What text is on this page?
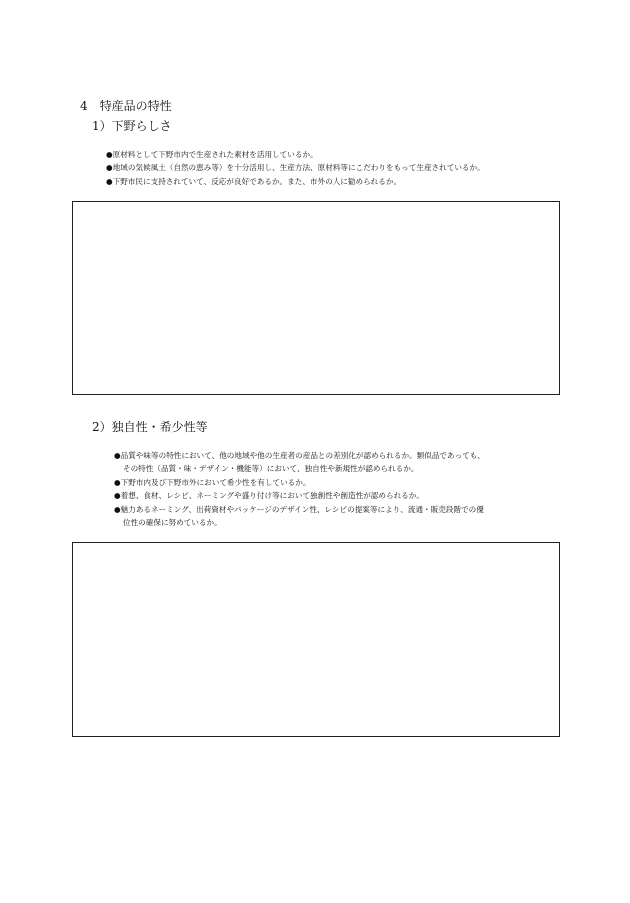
4　特産品の特性
1）下野らしさ
●原材料として下野市内で生産された素材を活用しているか。
●地域の気候風土（自然の恵み等）を十分活用し、生産方法、原材料等にこだわりをもって生産されているか。
●下野市民に支持されていて、反応が良好であるか。また、市外の人に勧められるか。
2）独自性・希少性等
●品質や味等の特性において、他の地域や他の生産者の産品との差別化が認められるか。類似品であっても、
その特性（品質・味・デザイン・機能等）において、独自性や新規性が認められるか。
●下野市内及び下野市外において希少性を有しているか。
●着想、食材、レシピ、ネーミングや盛り付け等において独創性や創造性が認められるか。
●魅力あるネーミング、出荷資材やパッケージのデザイン性、レシピの提案等により、流通・販売段階での優
位性の確保に努めているか。
